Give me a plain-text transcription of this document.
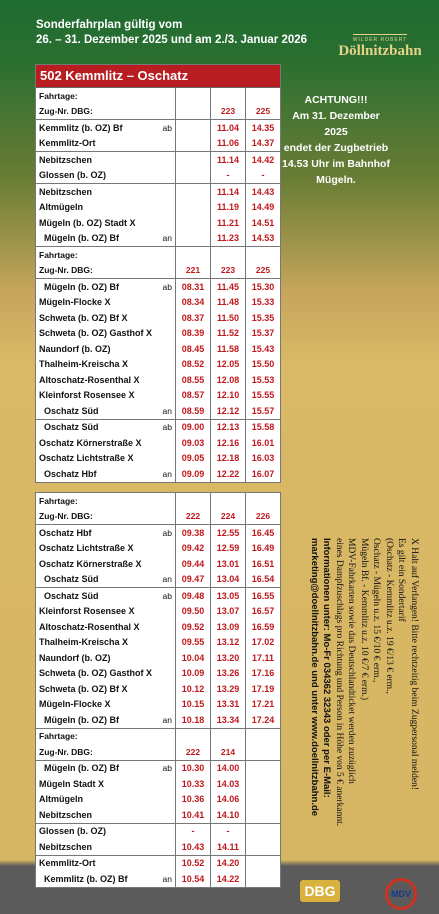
Sonderfahrplan gültig vom
26. – 31. Dezember 2025 und am 2./3. Januar 2026	WILDER ROBERT
Döllnitzbahn
ACHTUNG!!!
Am 31. Dezember 2025
endet der Zugbetrieb
14.53 Uhr im Bahnhof
Mügeln.
502 Kemmlitz – Oschatz
Fahrtage:				
Zug-Nr. DBG:			223	225
Kemmlitz (b. OZ) Bf	ab		11.04	14.35
Kemmlitz-Ort			11.06	14.37
Nebitzschen			11.14	14.42
Glossen (b. OZ)			-	-
Nebitzschen			11.14	14.43
Altmügeln			11.19	14.49
Mügeln (b. OZ) Stadt X			11.21	14.51
Mügeln (b. OZ) Bf	an		11.23	14.53
Fahrtage:				
Zug-Nr. DBG:		221	223	225
Mügeln (b. OZ) Bf	ab	08.31	11.45	15.30
Mügeln-Flocke X		08.34	11.48	15.33
Schweta (b. OZ) Bf X		08.37	11.50	15.35
Schweta (b. OZ) Gasthof X		08.39	11.52	15.37
Naundorf (b. OZ)		08.45	11.58	15.43
Thalheim-Kreischa X		08.52	12.05	15.50
Altoschatz-Rosenthal X		08.55	12.08	15.53
Kleinforst Rosensee X		08.57	12.10	15.55
Oschatz Süd	an	08.59	12.12	15.57
Oschatz Süd	ab	09.00	12.13	15.58
Oschatz Körnerstraße X		09.03	12.16	16.01
Oschatz Lichtstraße X		09.05	12.18	16.03
Oschatz Hbf	an	09.09	12.22	16.07
Fahrtage:				
Zug-Nr. DBG:		222	224	226
Oschatz Hbf	ab	09.38	12.55	16.45
Oschatz Lichtstraße X		09.42	12.59	16.49
Oschatz Körnerstraße X		09.44	13.01	16.51
Oschatz Süd	an	09.47	13.04	16.54
Oschatz Süd	ab	09.48	13.05	16.55
Kleinforst Rosensee X		09.50	13.07	16.57
Altoschatz-Rosenthal X		09.52	13.09	16.59
Thalheim-Kreischa X		09.55	13.12	17.02
Naundorf (b. OZ)		10.04	13.20	17.11
Schweta (b. OZ) Gasthof X		10.09	13.26	17.16
Schweta (b. OZ) Bf X		10.12	13.29	17.19
Mügeln-Flocke X		10.15	13.31	17.21
Mügeln (b. OZ) Bf	an	10.18	13.34	17.24
Fahrtage:				
Zug-Nr. DBG:		222	214	
Mügeln (b. OZ) Bf	ab	10.30	14.00	
Mügeln Stadt X		10.33	14.03	
Altmügeln		10.36	14.06	
Nebitzschen		10.41	14.10	
Glossen (b. OZ)		-	-	
Nebitzschen		10.43	14.11	
Kemmlitz-Ort		10.52	14.20	
Kemmlitz (b. OZ) Bf	an	10.54	14.22	
X Halt auf Verlangen! Bitte rechtzeitig beim Zugpersonal melden!
Es gilt ein Sondertarif
(Oschatz - Kemmlitz u.z. 19 €/13 € erm.,
Oschatz - Mügeln u.z. 15 €/10 € erm.,
Mügeln Bf. - Kemmlitz u.z. 10 €/7 € erm.)
MDV-Fahrkarten sowie das Deutschlandticket werden zuzüglich
eines Dampfzuschlags pro Richtung und Person in Höhe von 5 € anerkannt.
Informationen unter: Mo-Fr 034362 32343 oder per E-Mail:
marketing@doellnitzbahn.de und unter www.doellnitzbahn.de
DBG	MDV
